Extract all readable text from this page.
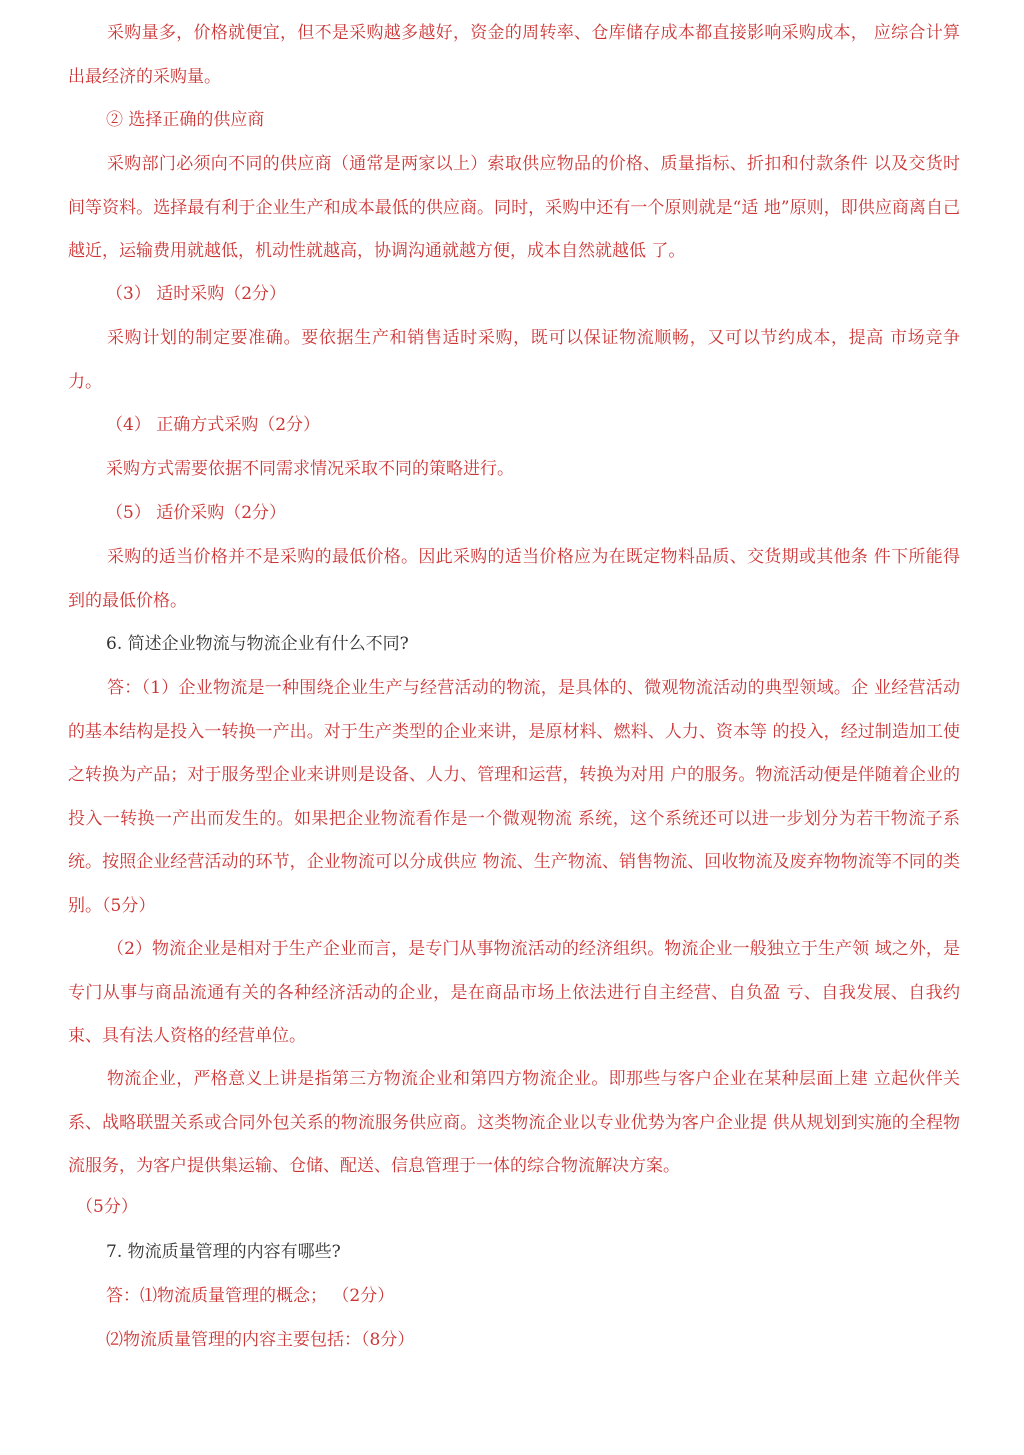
采购量多，价格就便宜，但不是采购越多越好，资金的周转率、仓库储存成本都直接影响采购成本， 应综合计算出最经济的采购量。

② 选择正确的供应商

采购部门必须向不同的供应商（通常是两家以上）索取供应物品的价格、质量指标、折扣和付款条件 以及交货时间等资料。选择最有利于企业生产和成本最低的供应商。同时，采购中还有一个原则就是“适 地”原则，即供应商离自己越近，运输费用就越低，机动性就越高，协调沟通就越方便，成本自然就越低 了。

（3） 适时采购（2分）

采购计划的制定要准确。要依据生产和销售适时采购，既可以保证物流顺畅，又可以节约成本，提高 市场竞争力。

（4） 正确方式采购（2分）

采购方式需要依据不同需求情况采取不同的策略进行。

（5） 适价采购（2分）

采购的适当价格并不是采购的最低价格。因此采购的适当价格应为在既定物料品质、交货期或其他条 件下所能得到的最低价格。

6. 简述企业物流与物流企业有什么不同?

答：（1）企业物流是一种围绕企业生产与经营活动的物流，是具体的、微观物流活动的典型领域。企 业经营活动的基本结构是投入一转换一产出。对于生产类型的企业来讲，是原材料、燃料、人力、资本等 的投入，经过制造加工使之转换为产品；对于服务型企业来讲则是设备、人力、管理和运营，转换为对用 户的服务。物流活动便是伴随着企业的投入一转换一产出而发生的。如果把企业物流看作是一个微观物流 系统，这个系统还可以进一步划分为若干物流子系统。按照企业经营活动的环节，企业物流可以分成供应 物流、生产物流、销售物流、回收物流及废弃物物流等不同的类别。（5分）

（2）物流企业是相对于生产企业而言，是专门从事物流活动的经济组织。物流企业一般独立于生产领 域之外，是专门从事与商品流通有关的各种经济活动的企业，是在商品市场上依法进行自主经营、自负盈 亏、自我发展、自我约束、具有法人资格的经营单位。

物流企业，严格意义上讲是指第三方物流企业和第四方物流企业。即那些与客户企业在某种层面上建 立起伙伴关系、战略联盟关系或合同外包关系的物流服务供应商。这类物流企业以专业优势为客户企业提 供从规划到实施的全程物流服务，为客户提供集运输、仓储、配送、信息管理于一体的综合物流解决方案。

（5分）

7. 物流质量管理的内容有哪些?

答：⑴物流质量管理的概念； （2分）

⑵物流质量管理的内容主要包括：（8分）
